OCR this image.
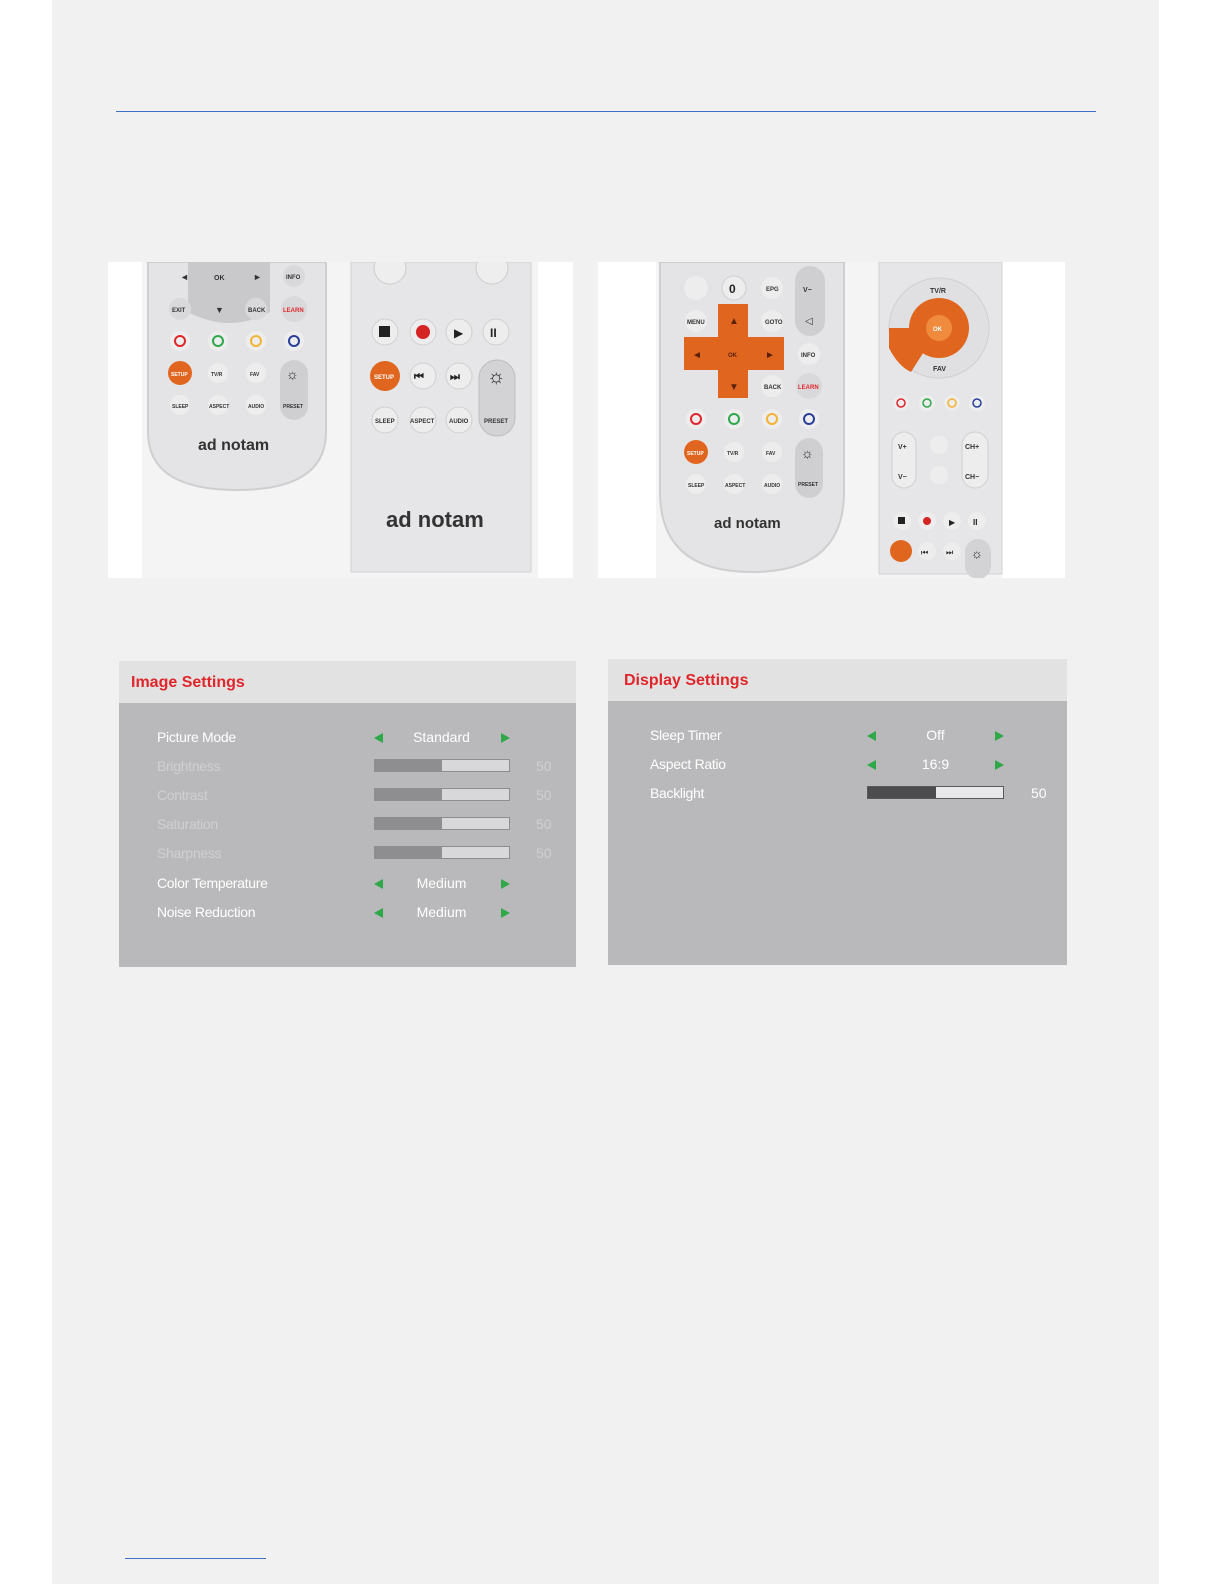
◄	OK	►	INFO
EXIT	▼	BACK	LEARN
SETUP	TV/R	FAV ☼
PRESET
SLEEP	ASPECT	AUDIO
ad notam
▶ II
SETUP ⏮ ⏭ ☼
PRESET
SLEEP	ASPECT AUDIO
ad notam
0	EPG	V−
◁
MENU	GOTO
▲
◄	OK	►
▼
INFO
BACK	LEARN
SETUP	TV/R	FAV ☼
PRESET
SLEEP	ASPECT	AUDIO
ad notam
OK
TV/R
FAV
V+
V−
CH+
CH−
▶ II
⏮ ⏭ ☼
Image Settings
Picture Mode	Standard
Brightness	50
Contrast	50
Saturation	50
Sharpness	50
Color Temperature	Medium
Noise Reduction	Medium
Display Settings
Sleep Timer	Off
Aspect Ratio	16:9
Backlight	50
